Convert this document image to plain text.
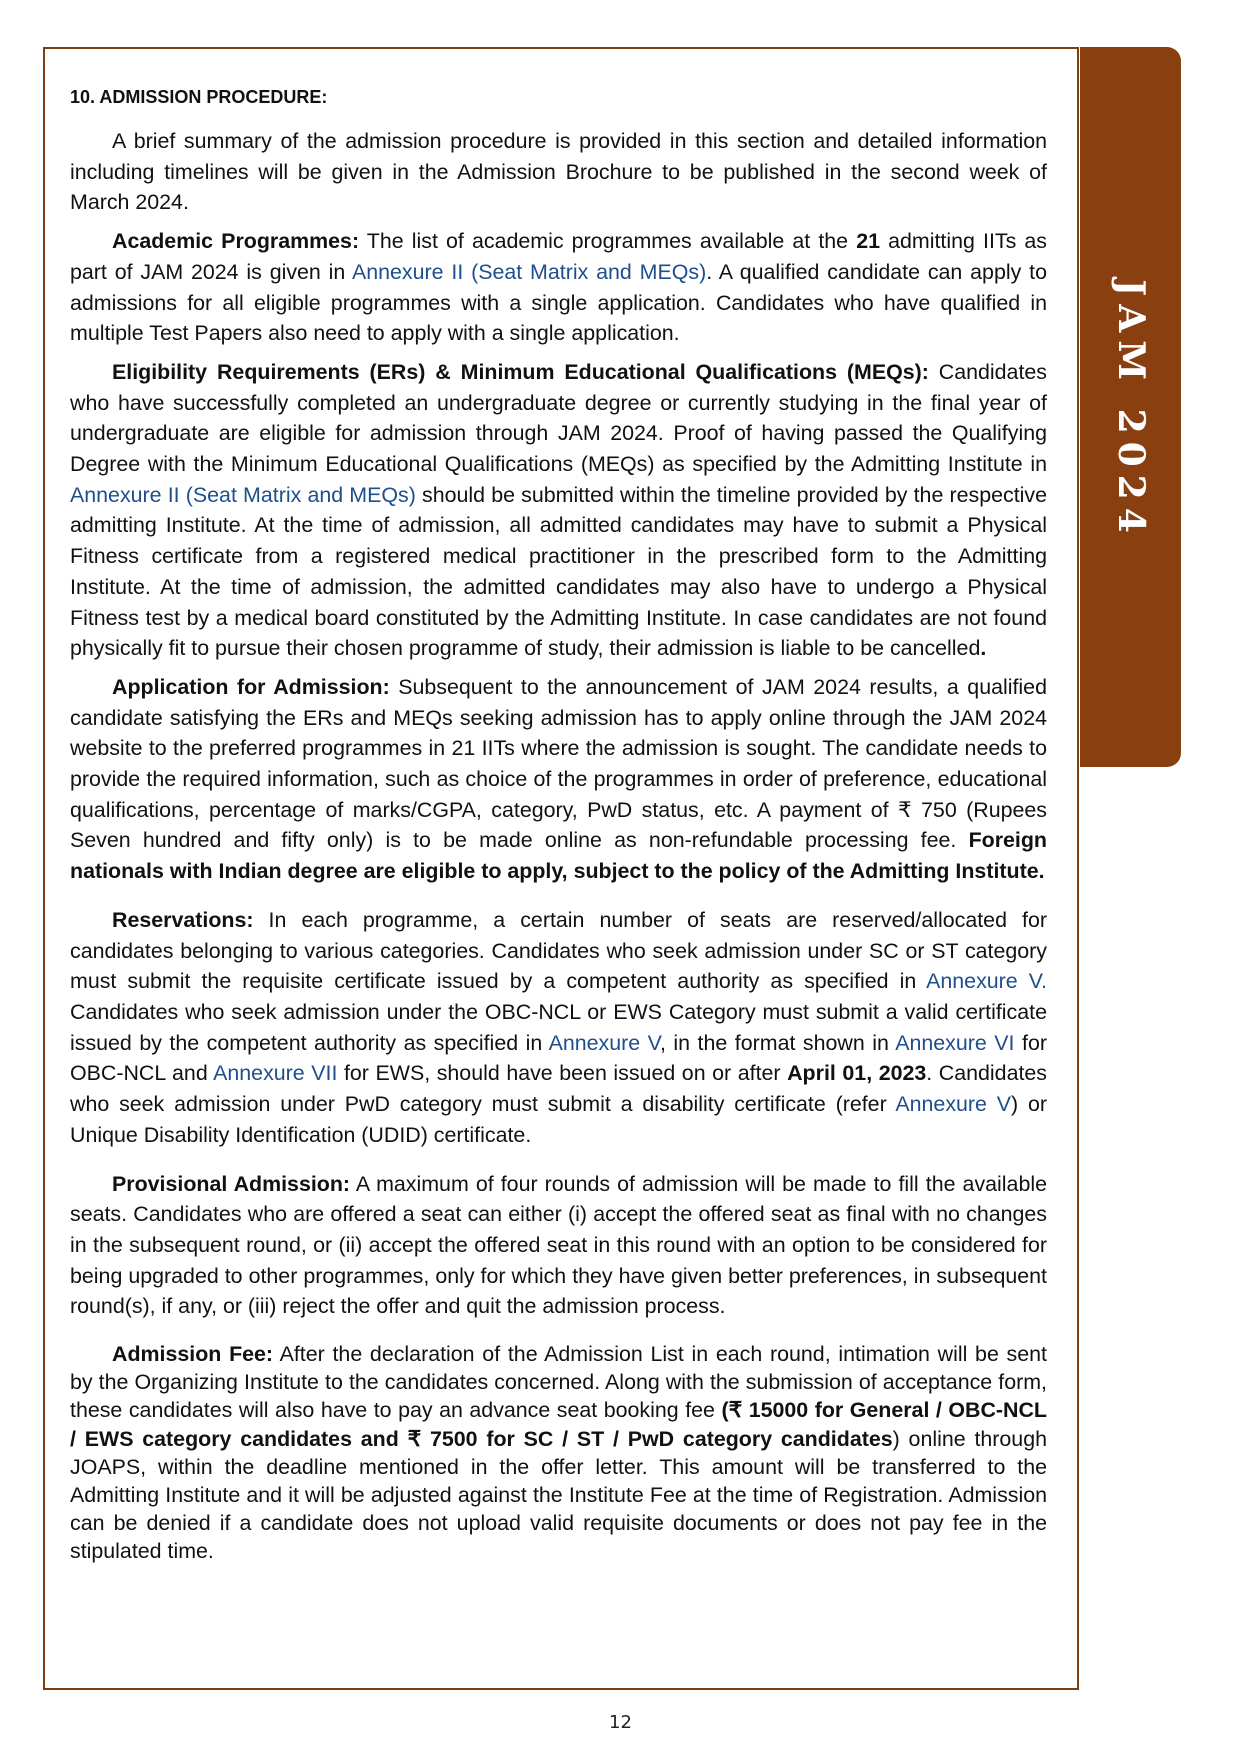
JAM 2024
10. ADMISSION PROCEDURE:

A brief summary of the admission procedure is provided in this section and detailed information including timelines will be given in the Admission Brochure to be published in the second week of March 2024.

Academic Programmes: The list of academic programmes available at the 21 admitting IITs as part of JAM 2024 is given in Annexure II (Seat Matrix and MEQs). A qualified candidate can apply to admissions for all eligible programmes with a single application. Candidates who have qualified in multiple Test Papers also need to apply with a single application.

Eligibility Requirements (ERs) & Minimum Educational Qualifications (MEQs): Candidates who have successfully completed an undergraduate degree or currently studying in the final year of undergraduate are eligible for admission through JAM 2024. Proof of having passed the Qualifying Degree with the Minimum Educational Qualifications (MEQs) as specified by the Admitting Institute in Annexure II (Seat Matrix and MEQs) should be submitted within the timeline provided by the respective admitting Institute. At the time of admission, all admitted candidates may have to submit a Physical Fitness certificate from a registered medical practitioner in the prescribed form to the Admitting Institute. At the time of admission, the admitted candidates may also have to undergo a Physical Fitness test by a medical board constituted by the Admitting Institute. In case candidates are not found physically fit to pursue their chosen programme of study, their admission is liable to be cancelled.

Application for Admission: Subsequent to the announcement of JAM 2024 results, a qualified candidate satisfying the ERs and MEQs seeking admission has to apply online through the JAM 2024 website to the preferred programmes in 21 IITs where the admission is sought. The candidate needs to provide the required information, such as choice of the programmes in order of preference, educational qualifications, percentage of marks/CGPA, category, PwD status, etc. A payment of ₹ 750 (Rupees Seven hundred and fifty only) is to be made online as non-refundable processing fee. Foreign nationals with Indian degree are eligible to apply, subject to the policy of the Admitting Institute.

Reservations: In each programme, a certain number of seats are reserved/allocated for candidates belonging to various categories. Candidates who seek admission under SC or ST category must submit the requisite certificate issued by a competent authority as specified in Annexure V. Candidates who seek admission under the OBC-NCL or EWS Category must submit a valid certificate issued by the competent authority as specified in Annexure V, in the format shown in Annexure VI for OBC-NCL and Annexure VII for EWS, should have been issued on or after April 01, 2023. Candidates who seek admission under PwD category must submit a disability certificate (refer Annexure V) or Unique Disability Identification (UDID) certificate.

Provisional Admission: A maximum of four rounds of admission will be made to fill the available seats. Candidates who are offered a seat can either (i) accept the offered seat as final with no changes in the subsequent round, or (ii) accept the offered seat in this round with an option to be considered for being upgraded to other programmes, only for which they have given better preferences, in subsequent round(s), if any, or (iii) reject the offer and quit the admission process.

Admission Fee: After the declaration of the Admission List in each round, intimation will be sent by the Organizing Institute to the candidates concerned. Along with the submission of acceptance form, these candidates will also have to pay an advance seat booking fee (₹ 15000 for General / OBC-NCL / EWS category candidates and ₹ 7500 for SC / ST / PwD category candidates) online through JOAPS, within the deadline mentioned in the offer letter. This amount will be transferred to the Admitting Institute and it will be adjusted against the Institute Fee at the time of Registration. Admission can be denied if a candidate does not upload valid requisite documents or does not pay fee in the stipulated time.

12
